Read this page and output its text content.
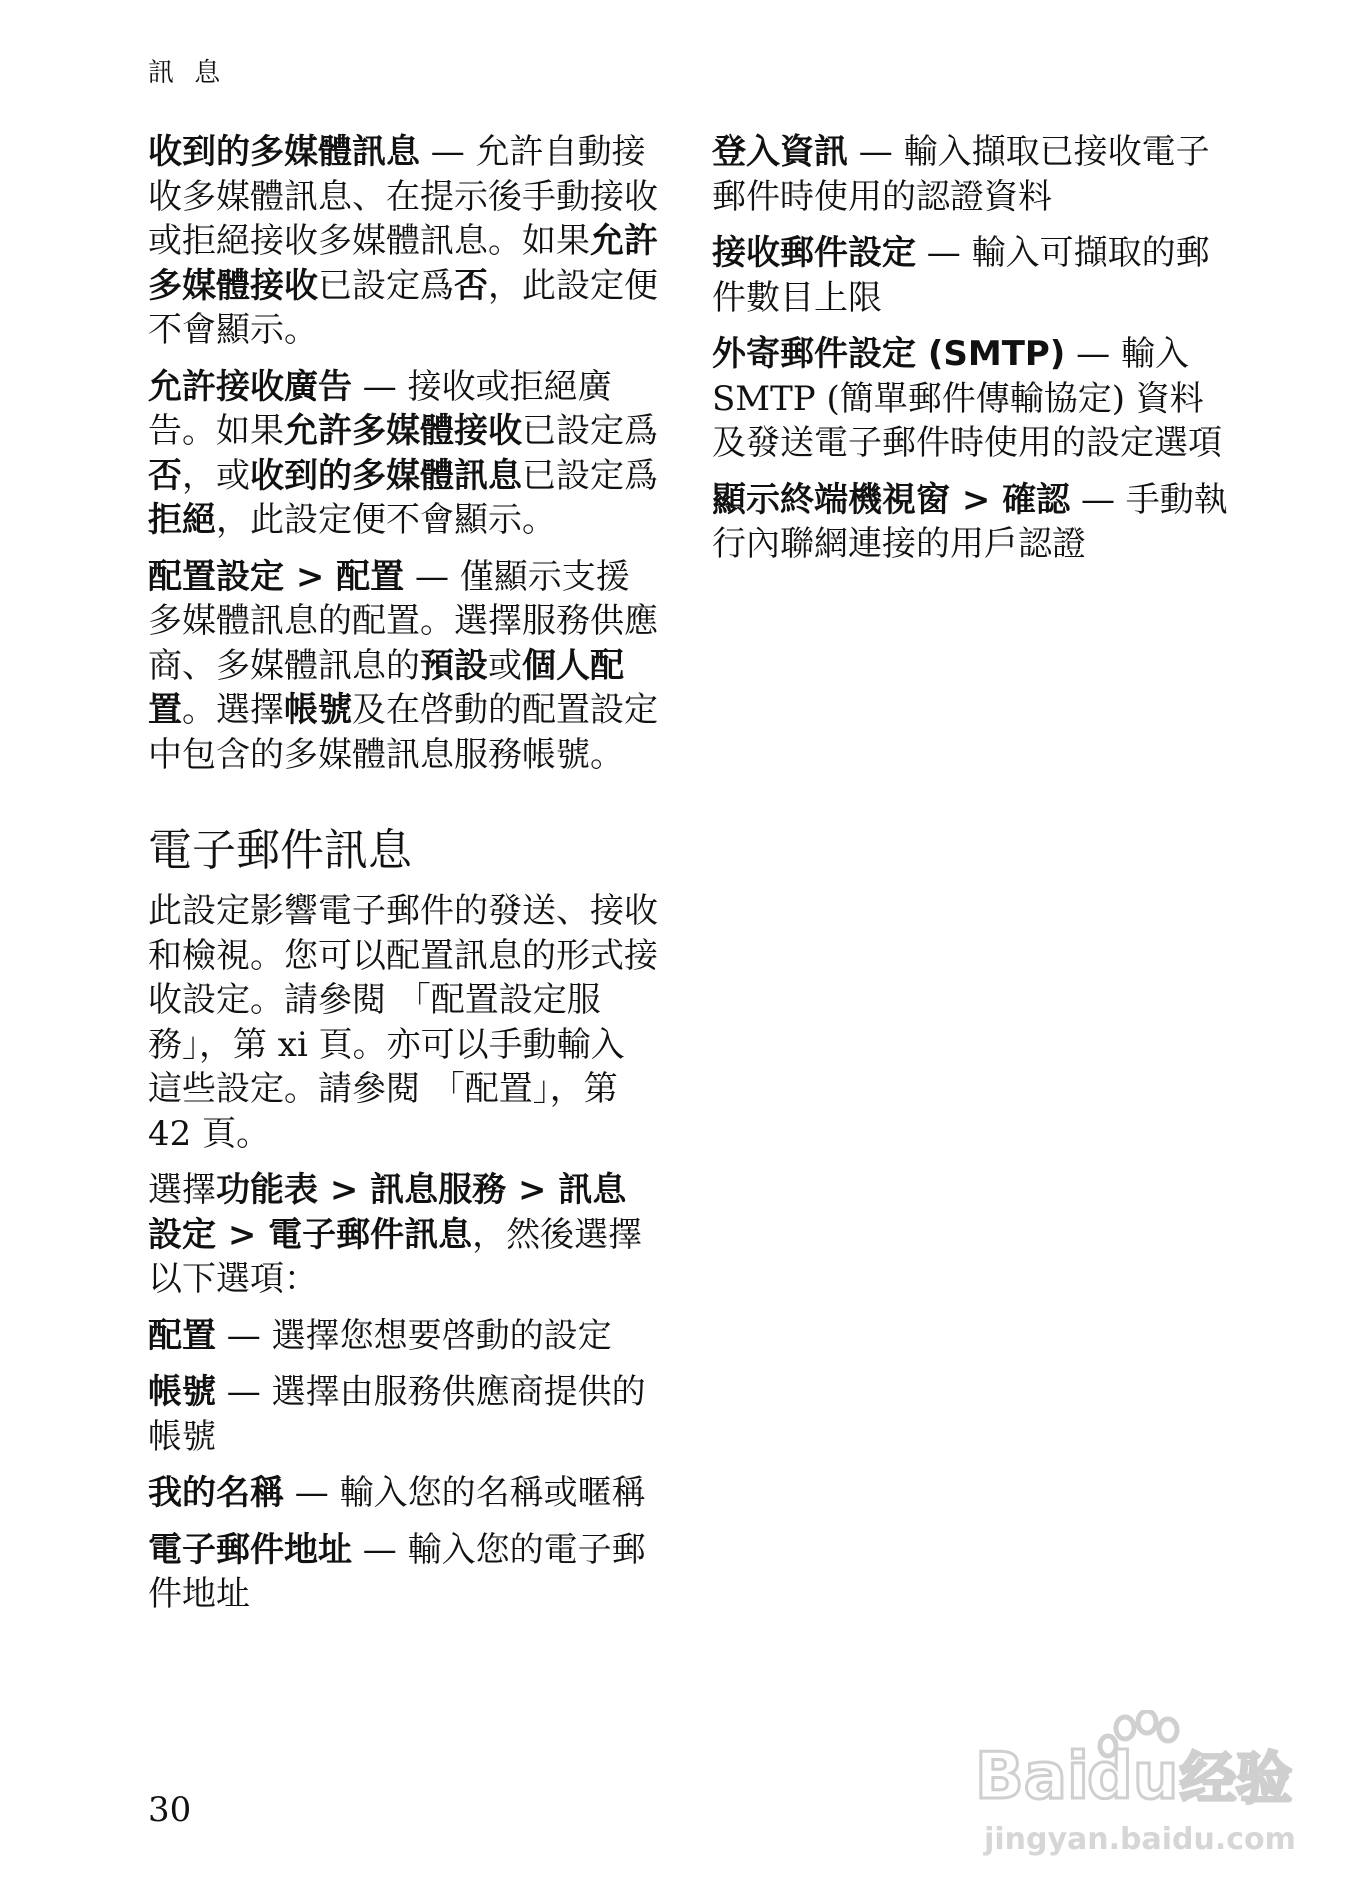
訊 息

收到的多媒體訊息 — 允許自動接收多媒體訊息、在提示後手動接收或拒絕接收多媒體訊息。如果允許多媒體接收已設定爲否，此設定便不會顯示。

允許接收廣告 — 接收或拒絕廣告。如果允許多媒體接收已設定爲否，或收到的多媒體訊息已設定爲拒絕，此設定便不會顯示。

配置設定 > 配置 — 僅顯示支援多媒體訊息的配置。選擇服務供應商、多媒體訊息的預設或個人配置。選擇帳號及在啓動的配置設定中包含的多媒體訊息服務帳號。

電子郵件訊息

此設定影響電子郵件的發送、接收和檢視。您可以配置訊息的形式接收設定。請參閱 「配置設定服務」，第 xi 頁。亦可以手動輸入這些設定。請參閱 「配置」，第 42 頁。

選擇功能表 > 訊息服務 > 訊息設定 > 電子郵件訊息，然後選擇以下選項：

配置 — 選擇您想要啓動的設定

帳號 — 選擇由服務供應商提供的帳號

我的名稱 — 輸入您的名稱或暱稱

電子郵件地址 — 輸入您的電子郵件地址

登入資訊 — 輸入擷取已接收電子郵件時使用的認證資料

接收郵件設定 — 輸入可擷取的郵件數目上限

外寄郵件設定 (SMTP) — 輸入 SMTP (簡單郵件傳輸協定) 資料及發送電子郵件時使用的設定選項

顯示終端機視窗 > 確認 — 手動執行內聯網連接的用戶認證

30	Bai
du 经验
jingyan.baidu.com
